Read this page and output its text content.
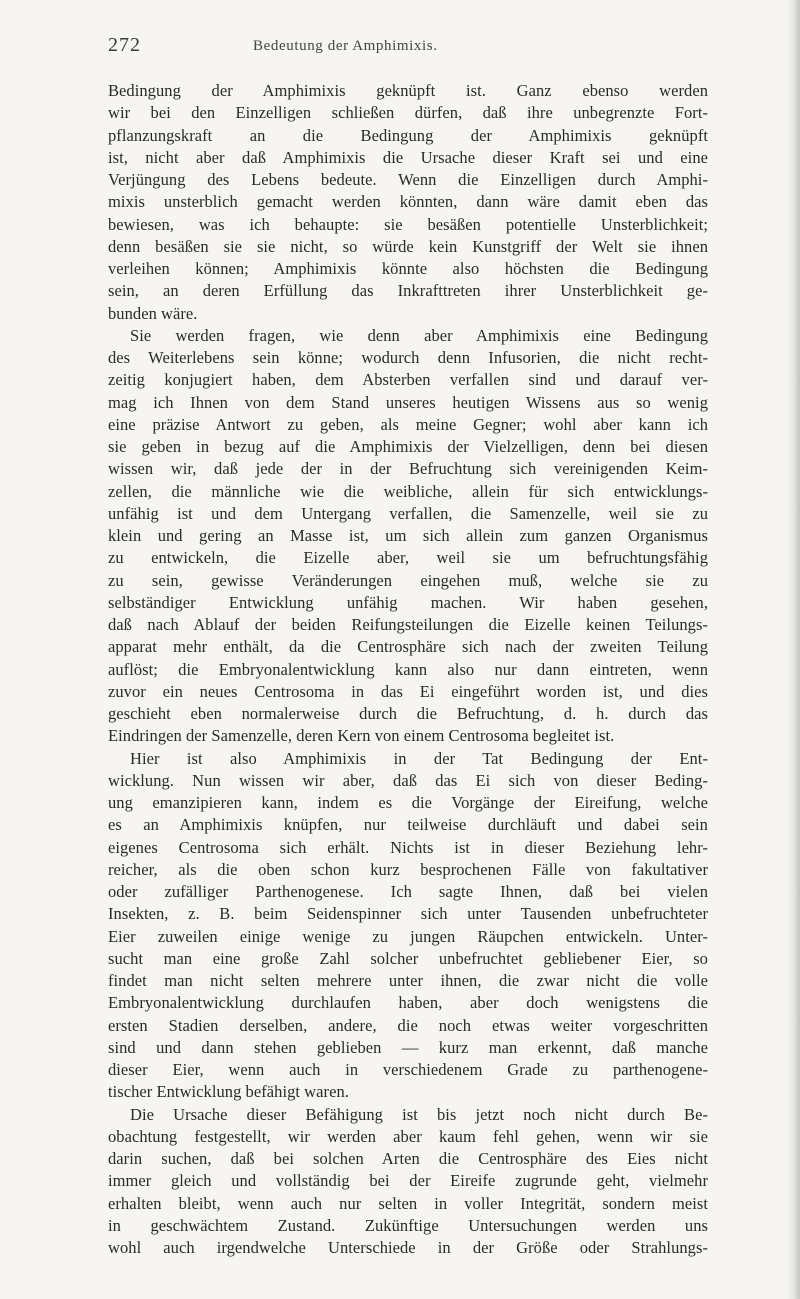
272	Bedeutung der Amphimixis.
Bedingung der Amphimixis geknüpft ist. Ganz ebenso werden
wir bei den Einzelligen schließen dürfen, daß ihre unbegrenzte Fort-
pflanzungskraft an die Bedingung der Amphimixis geknüpft
ist, nicht aber daß Amphimixis die Ursache dieser Kraft sei und eine
Verjüngung des Lebens bedeute. Wenn die Einzelligen durch Amphi-
mixis unsterblich gemacht werden könnten, dann wäre damit eben das
bewiesen, was ich behaupte: sie besäßen potentielle Unsterblichkeit;
denn besäßen sie sie nicht, so würde kein Kunstgriff der Welt sie ihnen
verleihen können; Amphimixis könnte also höchsten die Bedingung
sein, an deren Erfüllung das Inkrafttreten ihrer Unsterblichkeit ge-
bunden wäre.
Sie werden fragen, wie denn aber Amphimixis eine Bedingung
des Weiterlebens sein könne; wodurch denn Infusorien, die nicht recht-
zeitig konjugiert haben, dem Absterben verfallen sind und darauf ver-
mag ich Ihnen von dem Stand unseres heutigen Wissens aus so wenig
eine präzise Antwort zu geben, als meine Gegner; wohl aber kann ich
sie geben in bezug auf die Amphimixis der Vielzelligen, denn bei diesen
wissen wir, daß jede der in der Befruchtung sich vereinigenden Keim-
zellen, die männliche wie die weibliche, allein für sich entwicklungs-
unfähig ist und dem Untergang verfallen, die Samenzelle, weil sie zu
klein und gering an Masse ist, um sich allein zum ganzen Organismus
zu entwickeln, die Eizelle aber, weil sie um befruchtungsfähig
zu sein, gewisse Veränderungen eingehen muß, welche sie zu
selbständiger Entwicklung unfähig machen. Wir haben gesehen,
daß nach Ablauf der beiden Reifungsteilungen die Eizelle keinen Teilungs-
apparat mehr enthält, da die Centrosphäre sich nach der zweiten Teilung
auflöst; die Embryonalentwicklung kann also nur dann eintreten, wenn
zuvor ein neues Centrosoma in das Ei eingeführt worden ist, und dies
geschieht eben normalerweise durch die Befruchtung, d. h. durch das
Eindringen der Samenzelle, deren Kern von einem Centrosoma begleitet ist.
Hier ist also Amphimixis in der Tat Bedingung der Ent-
wicklung. Nun wissen wir aber, daß das Ei sich von dieser Beding-
ung emanzipieren kann, indem es die Vorgänge der Eireifung, welche
es an Amphimixis knüpfen, nur teilweise durchläuft und dabei sein
eigenes Centrosoma sich erhält. Nichts ist in dieser Beziehung lehr-
reicher, als die oben schon kurz besprochenen Fälle von fakultativer
oder zufälliger Parthenogenese. Ich sagte Ihnen, daß bei vielen
Insekten, z. B. beim Seidenspinner sich unter Tausenden unbefruchteter
Eier zuweilen einige wenige zu jungen Räupchen entwickeln. Unter-
sucht man eine große Zahl solcher unbefruchtet gebliebener Eier, so
findet man nicht selten mehrere unter ihnen, die zwar nicht die volle
Embryonalentwicklung durchlaufen haben, aber doch wenigstens die
ersten Stadien derselben, andere, die noch etwas weiter vorgeschritten
sind und dann stehen geblieben — kurz man erkennt, daß manche
dieser Eier, wenn auch in verschiedenem Grade zu parthenogene-
tischer Entwicklung befähigt waren.
Die Ursache dieser Befähigung ist bis jetzt noch nicht durch Be-
obachtung festgestellt, wir werden aber kaum fehl gehen, wenn wir sie
darin suchen, daß bei solchen Arten die Centrosphäre des Eies nicht
immer gleich und vollständig bei der Eireife zugrunde geht, vielmehr
erhalten bleibt, wenn auch nur selten in voller Integrität, sondern meist
in geschwächtem Zustand. Zukünftige Untersuchungen werden uns
wohl auch irgendwelche Unterschiede in der Größe oder Strahlungs-
